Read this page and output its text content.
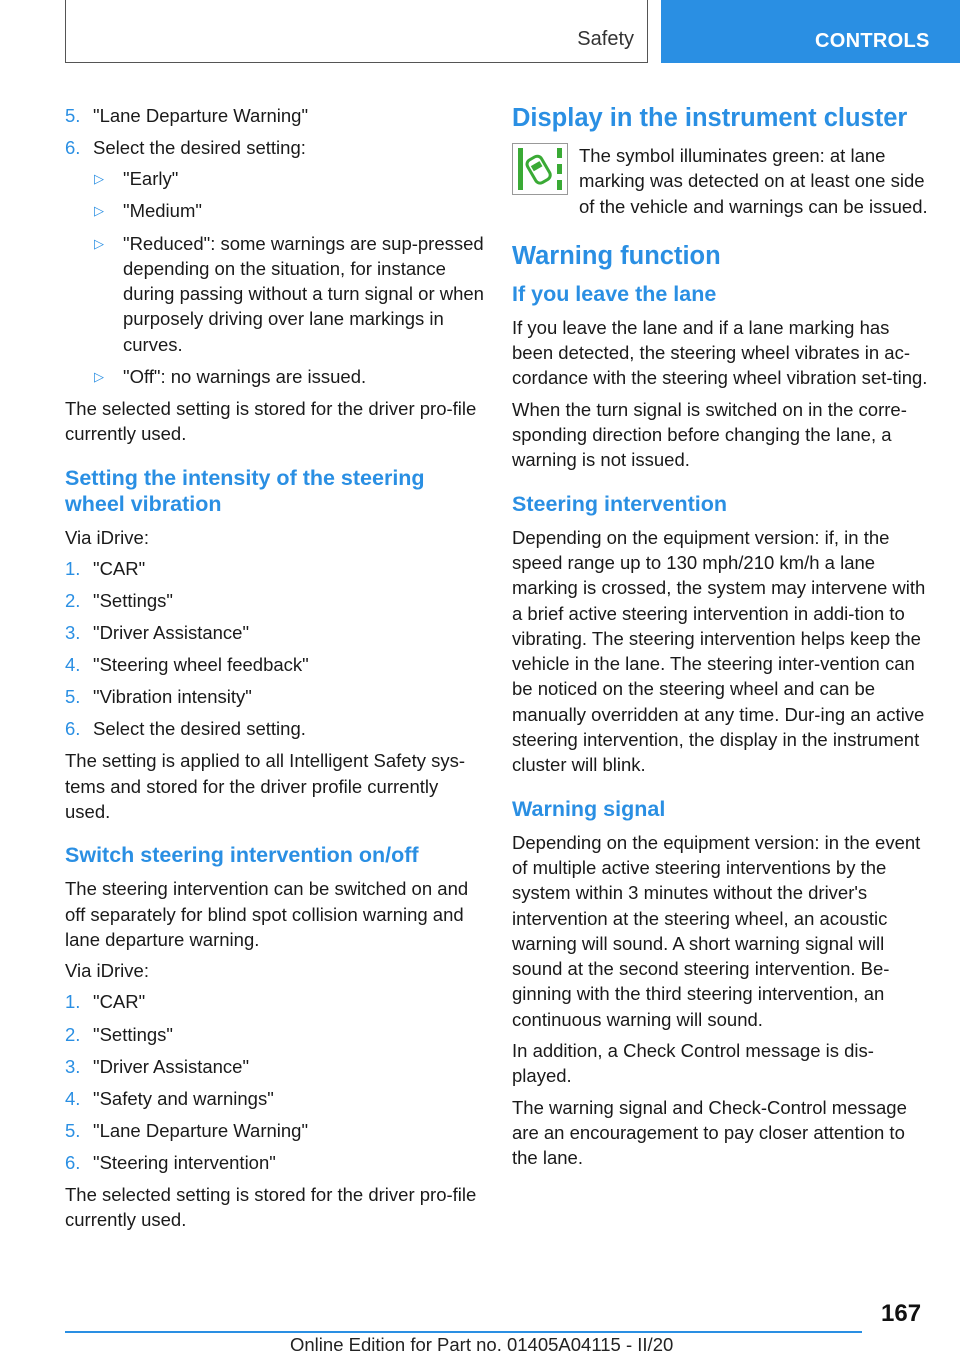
Safety	CONTROLS
5. "Lane Departure Warning"
6. Select the desired setting:
▷ "Early"
▷ "Medium"
▷ "Reduced": some warnings are sup-pressed depending on the situation, for instance during passing without a turn signal or when purposely driving over lane markings in curves.
▷ "Off": no warnings are issued.

The selected setting is stored for the driver pro-file currently used.

Setting the intensity of the steering wheel vibration

Via iDrive:

1. "CAR"
2. "Settings"
3. "Driver Assistance"
4. "Steering wheel feedback"
5. "Vibration intensity"
6. Select the desired setting.

The setting is applied to all Intelligent Safety sys-tems and stored for the driver profile currently used.

Switch steering intervention on/off

The steering intervention can be switched on and off separately for blind spot collision warning and lane departure warning.

Via iDrive:

1. "CAR"
2. "Settings"
3. "Driver Assistance"
4. "Safety and warnings"
5. "Lane Departure Warning"
6. "Steering intervention"

The selected setting is stored for the driver pro-file currently used.

Display in the instrument cluster
The symbol illuminates green: at lane marking was detected on at least one side of the vehicle and warnings can be issued.
Warning function
If you leave the lane

If you leave the lane and if a lane marking has been detected, the steering wheel vibrates in ac-cordance with the steering wheel vibration set-ting.

When the turn signal is switched on in the corre-sponding direction before changing the lane, a warning is not issued.

Steering intervention

Depending on the equipment version: if, in the speed range up to 130 mph/210 km/h a lane marking is crossed, the system may intervene with a brief active steering intervention in addi-tion to vibrating. The steering intervention helps keep the vehicle in the lane. The steering inter-vention can be noticed on the steering wheel and can be manually overridden at any time. Dur-ing an active steering intervention, the display in the instrument cluster will blink.

Warning signal

Depending on the equipment version: in the event of multiple active steering interventions by the system within 3 minutes without the driver's intervention at the steering wheel, an acoustic warning will sound. A short warning signal will sound at the second steering intervention. Be-ginning with the third steering intervention, an continuous warning will sound.

In addition, a Check Control message is dis-played.

The warning signal and Check-Control message are an encouragement to pay closer attention to the lane.

167
Online Edition for Part no. 01405A04115 - II/20
